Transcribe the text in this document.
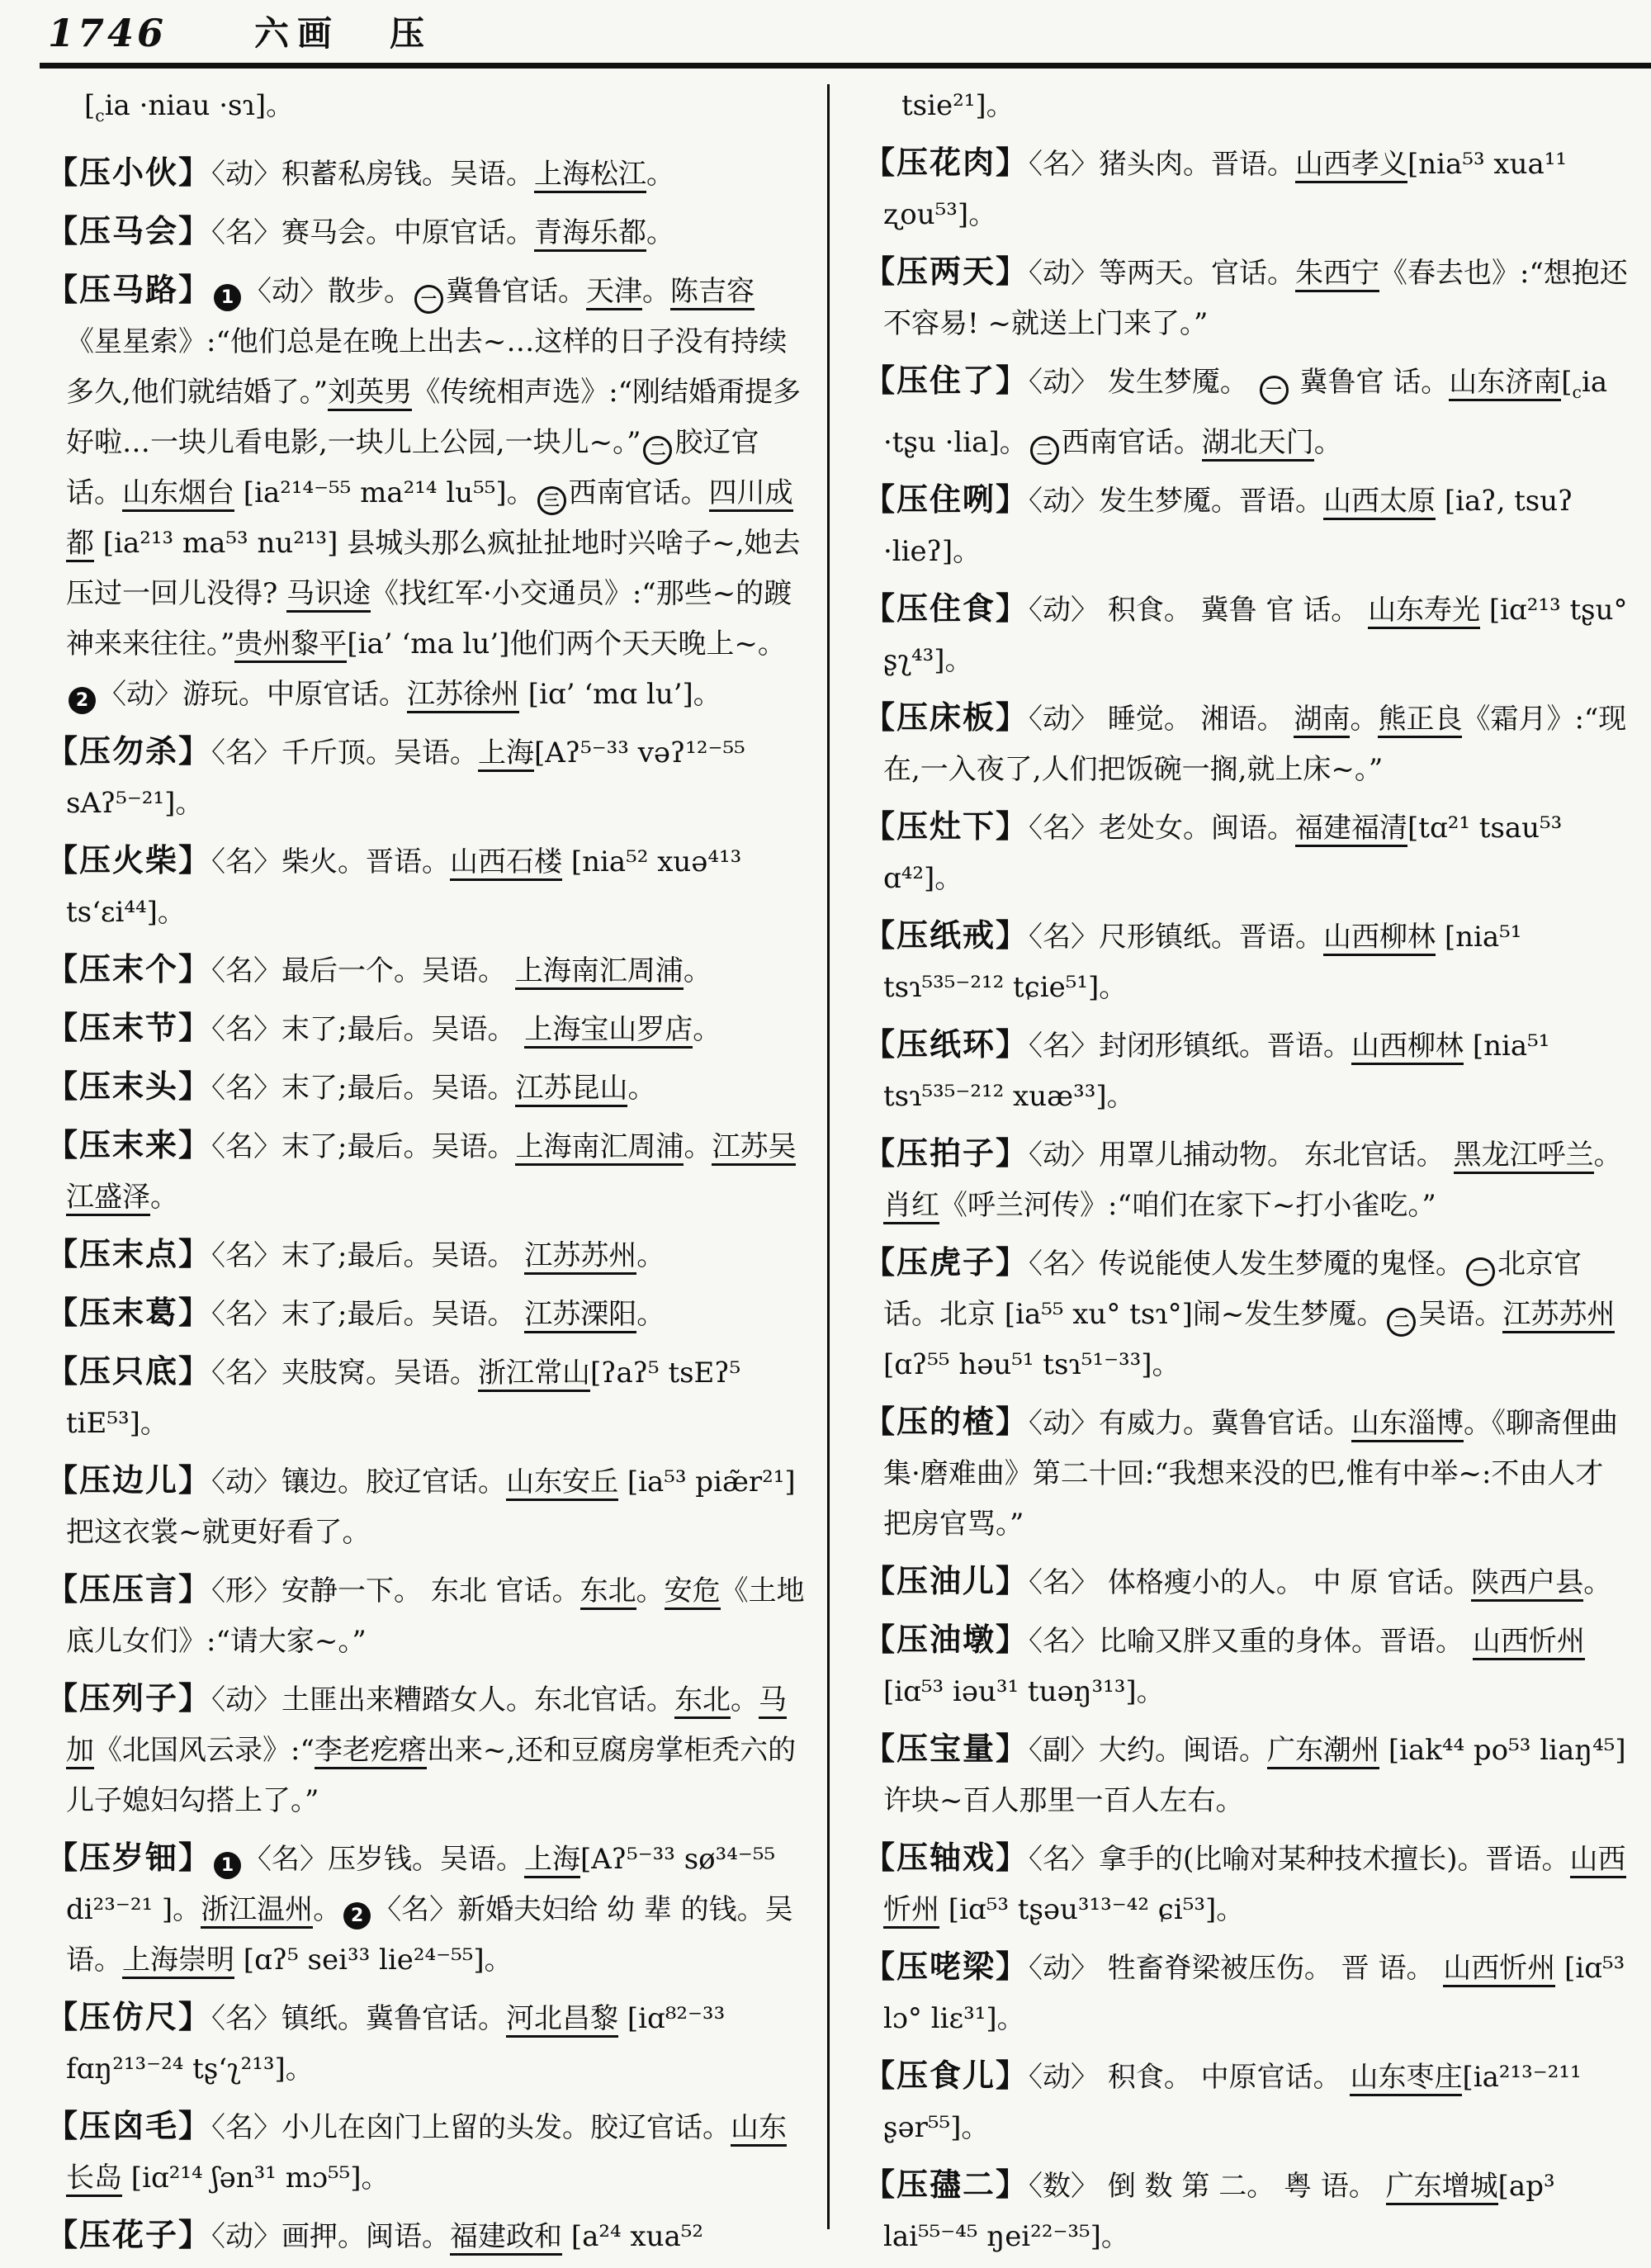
1746	六画 压

[$_cia$ ·niau ·sɿ]。

【压小伙】〈动〉积蓄私房钱。吴语。上海松江。

【压马会】〈名〉赛马会。中原官话。青海乐都。

【压马路】 1 〈动〉散步。 一 冀鲁官话。天津。陈吉容《星星索》:“他们总是在晚上出去~…这样的日子没有持续多久,他们就结婚了。”刘英男《传统相声选》:“刚结婚甭提多好啦…一块儿看电影,一块儿上公园,一块儿~。” 二 胶辽官话。山东烟台 [ia²¹⁴⁻⁵⁵ ma²¹⁴ lu⁵⁵]。 三 西南官话。四川成都 [ia²¹³ ma⁵³ nu²¹³] 县城头那么疯扯扯地时兴啥子~,她去压过一回儿没得? 马识途《找红军·小交通员》:“那些~的踱神来来往往。”贵州黎平[ia’ ‘ma lu’]他们两个天天晚上~。2 〈动〉游玩。中原官话。江苏徐州 [iɑ’ ‘mɑ lu’]。

【压勿杀】〈名〉千斤顶。吴语。上海[Aʔ⁵⁻³³ vəʔ¹²⁻⁵⁵ sAʔ⁵⁻²¹]。

【压火柴】〈名〉柴火。晋语。山西石楼 [nia⁵² xuə⁴¹³ tsʻɛi⁴⁴]。

【压末个】〈名〉最后一个。吴语。 上海南汇周浦。

【压末节】〈名〉末了;最后。吴语。 上海宝山罗店。

【压末头】〈名〉末了;最后。吴语。江苏昆山。

【压末来】〈名〉末了;最后。吴语。上海南汇周浦。江苏吴江盛泽。

【压末点】〈名〉末了;最后。吴语。 江苏苏州。

【压末葛】〈名〉末了;最后。吴语。 江苏溧阳。

【压只底】〈名〉夹肢窝。吴语。浙江常山[ʔaʔ⁵ tsEʔ⁵ tiE⁵³]。

【压边儿】〈动〉镶边。胶辽官话。山东安丘 [ia⁵³ piæ̃r²¹] 把这衣裳~就更好看了。

【压压言】〈形〉安静一下。 东北 官话。东北。安危《土地底儿女们》:“请大家~。”

【压列子】〈动〉土匪出来糟踏女人。东北官话。东北。马加《北国风云录》:“李老疙瘩出来~,还和豆腐房掌柜秃六的儿子媳妇勾搭上了。”

【压岁钿】 1 〈名〉压岁钱。吴语。上海[Aʔ⁵⁻³³ sø³⁴⁻⁵⁵ di²³⁻²¹ ]。浙江温州。 2 〈名〉新婚夫妇给 幼 辈 的钱。吴语。上海崇明 [ɑʔ⁵ sei³³ lie²⁴⁻⁵⁵]。

【压仿尺】〈名〉镇纸。冀鲁官话。河北昌黎 [iɑ⁸²⁻³³ fɑŋ²¹³⁻²⁴ tʂʻʅ²¹³]。

【压囟毛】〈名〉小儿在囟门上留的头发。胶辽官话。山东长岛 [iɑ²¹⁴ ʃən³¹ mɔ⁵⁵]。

【压花子】〈动〉画押。闽语。福建政和 [a²⁴ xua⁵²

tsie²¹]。

【压花肉】〈名〉猪头肉。晋语。山西孝义[nia⁵³ xua¹¹ ʐou⁵³]。

【压两天】〈动〉等两天。官话。朱西宁《春去也》:“想抱还不容易! ~就送上门来了。”

【压住了】〈动〉 发生梦魇。 一 冀鲁官 话。山东济南[$_cia$ ·tʂu ·lia]。 二 西南官话。湖北天门。

【压住咧】〈动〉发生梦魇。晋语。山西太原 [iaʔ‚ tsuʔ ·lieʔ]。

【压住食】〈动〉 积食。 冀鲁 官 话。 山东寿光 [iɑ²¹³ tʂu° ʂʅ⁴³]。

【压床板】〈动〉 睡觉。 湘语。 湖南。熊正良《霜月》:“现在,一入夜了,人们把饭碗一搁,就上床~。”

【压灶下】〈名〉老处女。闽语。福建福清[tɑ²¹ tsau⁵³ ɑ⁴²]。

【压纸戒】〈名〉尺形镇纸。晋语。山西柳林 [nia⁵¹ tsɿ⁵³⁵⁻²¹² tɕie⁵¹]。

【压纸环】〈名〉封闭形镇纸。晋语。山西柳林 [nia⁵¹ tsɿ⁵³⁵⁻²¹² xuæ³³]。

【压拍子】〈动〉用罩儿捕动物。 东北官话。 黑龙江呼兰。肖红《呼兰河传》:“咱们在家下~打小雀吃。”

【压虎子】〈名〉传说能使人发生梦魇的鬼怪。 一 北京官话。北京 [ia⁵⁵ xu° tsɿ°]闹~发生梦魇。 二 吴语。江苏苏州 [ɑʔ⁵⁵ həu⁵¹ tsɿ⁵¹⁻³³]。

【压的楂】〈动〉有威力。冀鲁官话。山东淄博。《聊斋俚曲集·磨难曲》第二十回:“我想来没的巴,惟有中举~:不由人才把房官骂。”

【压油儿】〈名〉 体格瘦小的人。 中 原 官话。陕西户县。

【压油墩】〈名〉比喻又胖又重的身体。晋语。 山西忻州 [iɑ⁵³ iəu³¹ tuəŋ³¹³]。

【压宝量】〈副〉大约。闽语。广东潮州 [iak⁴⁴ po⁵³ liaŋ⁴⁵] 许块~百人那里一百人左右。

【压轴戏】〈名〉拿手的(比喻对某种技术擅长)。晋语。山西忻州 [iɑ⁵³ tʂəu³¹³⁻⁴² ɕi⁵³]。

【压咾梁】〈动〉 牲畜脊梁被压伤。 晋 语。 山西忻州 [iɑ⁵³ lɔ° liɛ³¹]。

【压食儿】〈动〉 积食。 中原官话。 山东枣庄[ia²¹³⁻²¹¹ ʂər⁵⁵]。

【压孻二】〈数〉 倒 数 第 二。 粤 语。 广东增城[ap³ lai⁵⁵⁻⁴⁵ ŋei²²⁻³⁵]。
